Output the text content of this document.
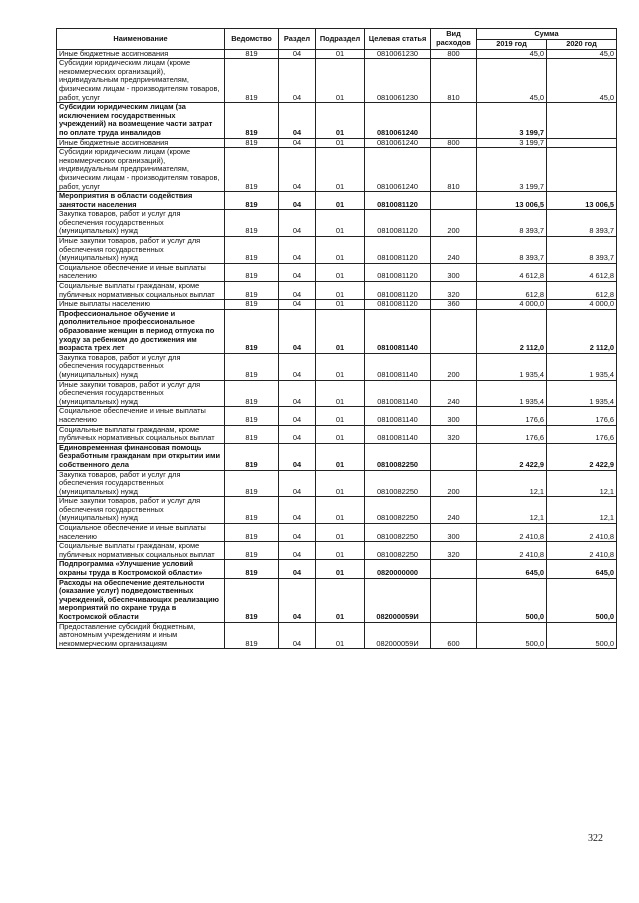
Наименование	Ведомство	Раздел	Подраздел	Целевая статья	Вид расходов	Сумма	
						2019 год	2020 год
Иные бюджетные ассигнования	819	04	01	0810061230	800	45,0	45,0
Субсидии юридическим лицам (кроме некоммерческих организаций), индивидуальным предпринимателям, физическим лицам - производителям товаров, работ, услуг	819	04	01	0810061230	810	45,0	45,0
Субсидии юридическим лицам (за исключением государственных учреждений) на возмещение части затрат по оплате труда инвалидов	819	04	01	0810061240		3 199,7	
Иные бюджетные ассигнования	819	04	01	0810061240	800	3 199,7	
Субсидии юридическим лицам (кроме некоммерческих организаций), индивидуальным предпринимателям, физическим лицам - производителям товаров, работ, услуг	819	04	01	0810061240	810	3 199,7	
Мероприятия в области содействия занятости населения	819	04	01	0810081120		13 006,5	13 006,5
Закупка товаров, работ и услуг для обеспечения государственных (муниципальных) нужд	819	04	01	0810081120	200	8 393,7	8 393,7
Иные закупки товаров, работ и услуг для обеспечения государственных (муниципальных) нужд	819	04	01	0810081120	240	8 393,7	8 393,7
Социальное обеспечение и иные выплаты населению	819	04	01	0810081120	300	4 612,8	4 612,8
Социальные выплаты гражданам, кроме публичных нормативных социальных выплат	819	04	01	0810081120	320	612,8	612,8
Иные выплаты населению	819	04	01	0810081120	360	4 000,0	4 000,0
Профессиональное обучение и дополнительное профессиональное образование женщин в период отпуска по уходу за ребенком до достижения им возраста трех лет	819	04	01	0810081140		2 112,0	2 112,0
Закупка товаров, работ и услуг для обеспечения государственных (муниципальных) нужд	819	04	01	0810081140	200	1 935,4	1 935,4
Иные закупки товаров, работ и услуг для обеспечения государственных (муниципальных) нужд	819	04	01	0810081140	240	1 935,4	1 935,4
Социальное обеспечение и иные выплаты населению	819	04	01	0810081140	300	176,6	176,6
Социальные выплаты гражданам, кроме публичных нормативных социальных выплат	819	04	01	0810081140	320	176,6	176,6
Единовременная финансовая помощь безработным гражданам при открытии ими собственного дела	819	04	01	0810082250		2 422,9	2 422,9
Закупка товаров, работ и услуг для обеспечения государственных (муниципальных) нужд	819	04	01	0810082250	200	12,1	12,1
Иные закупки товаров, работ и услуг для обеспечения государственных (муниципальных) нужд	819	04	01	0810082250	240	12,1	12,1
Социальное обеспечение и иные выплаты населению	819	04	01	0810082250	300	2 410,8	2 410,8
Социальные выплаты гражданам, кроме публичных нормативных социальных выплат	819	04	01	0810082250	320	2 410,8	2 410,8
Подпрограмма «Улучшение условий охраны труда в Костромской области»	819	04	01	0820000000		645,0	645,0
Расходы на обеспечение деятельности (оказание услуг) подведомственных учреждений, обеспечивающих реализацию мероприятий по охране труда в Костромской области	819	04	01	082000059И		500,0	500,0
Предоставление субсидий бюджетным, автономным учреждениям и иным некоммерческим организациям	819	04	01	082000059И	600	500,0	500,0
322
